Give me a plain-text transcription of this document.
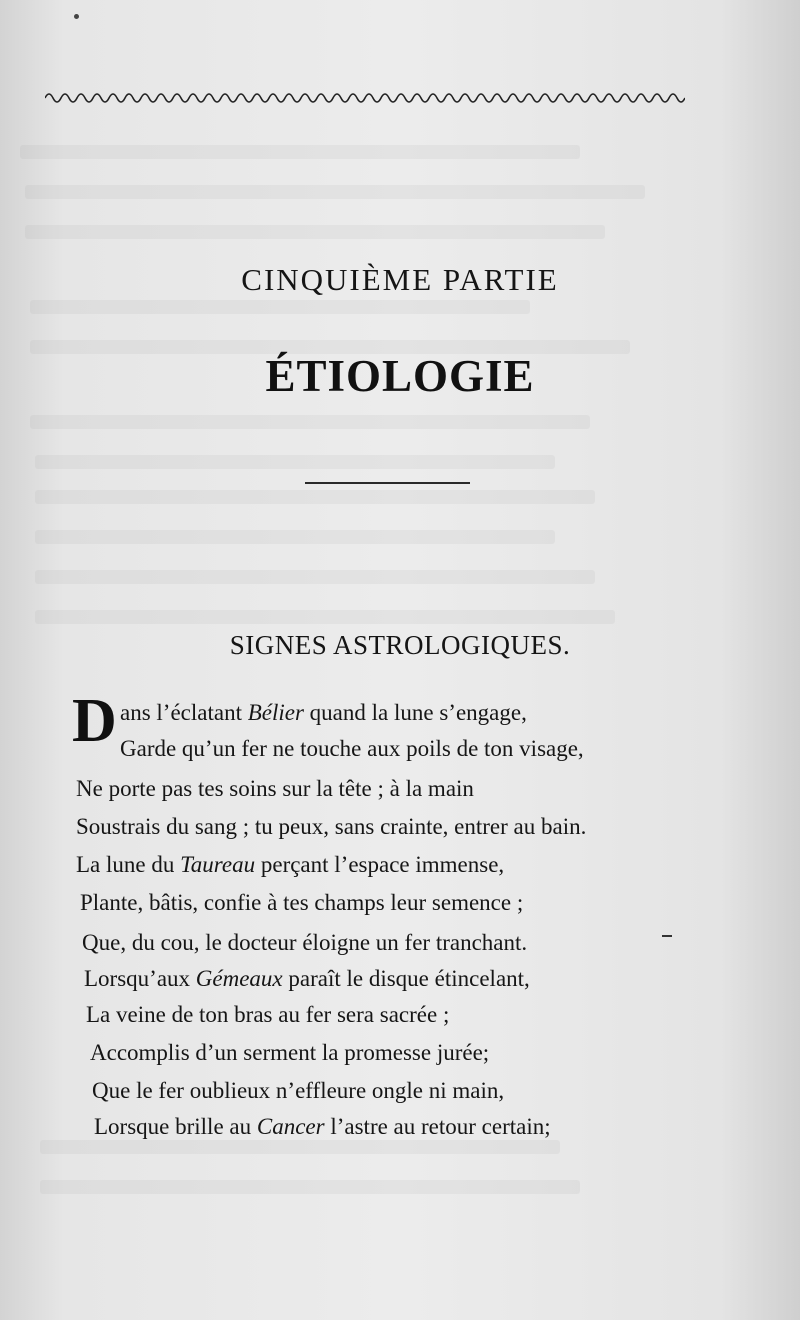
CINQUIÈME PARTIE
ÉTIOLOGIE
SIGNES ASTROLOGIQUES.
D ans l’éclatant Bélier quand la lune s’engage,
Garde qu’un fer ne touche aux poils de ton visage,
Ne porte pas tes soins sur la tête ; à la main
Soustrais du sang ; tu peux, sans crainte, entrer au bain.
La lune du Taureau perçant l’espace immense,
Plante, bâtis, confie à tes champs leur semence ;
Que, du cou, le docteur éloigne un fer tranchant.
Lorsqu’aux Gémeaux paraît le disque étincelant,
La veine de ton bras au fer sera sacrée ;
Accomplis d’un serment la promesse jurée;
Que le fer oublieux n’effleure ongle ni main,
Lorsque brille au Cancer l’astre au retour certain;
